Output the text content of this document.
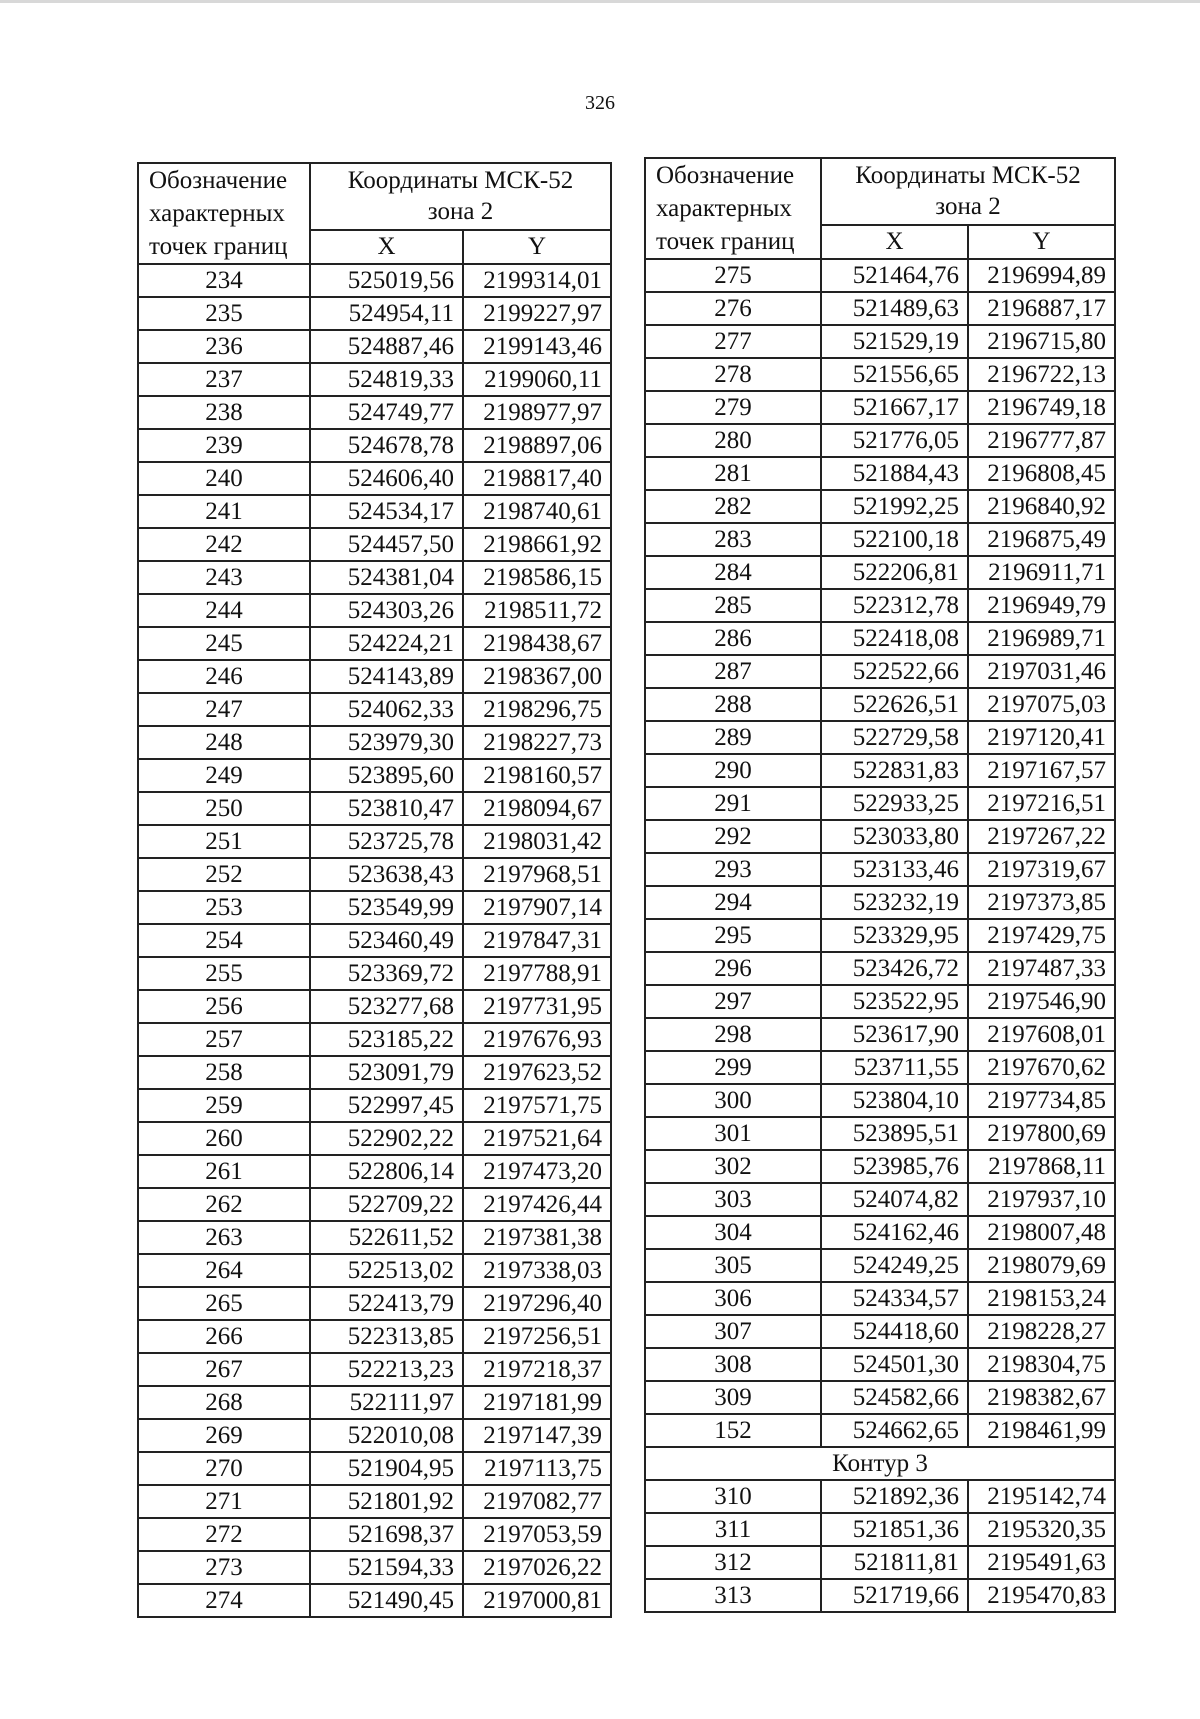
326
Обозначение
характерных
точек границ	Координаты МСК-52
зона 2	
	X	Y
234	525019,56	2199314,01
235	524954,11	2199227,97
236	524887,46	2199143,46
237	524819,33	2199060,11
238	524749,77	2198977,97
239	524678,78	2198897,06
240	524606,40	2198817,40
241	524534,17	2198740,61
242	524457,50	2198661,92
243	524381,04	2198586,15
244	524303,26	2198511,72
245	524224,21	2198438,67
246	524143,89	2198367,00
247	524062,33	2198296,75
248	523979,30	2198227,73
249	523895,60	2198160,57
250	523810,47	2198094,67
251	523725,78	2198031,42
252	523638,43	2197968,51
253	523549,99	2197907,14
254	523460,49	2197847,31
255	523369,72	2197788,91
256	523277,68	2197731,95
257	523185,22	2197676,93
258	523091,79	2197623,52
259	522997,45	2197571,75
260	522902,22	2197521,64
261	522806,14	2197473,20
262	522709,22	2197426,44
263	522611,52	2197381,38
264	522513,02	2197338,03
265	522413,79	2197296,40
266	522313,85	2197256,51
267	522213,23	2197218,37
268	522111,97	2197181,99
269	522010,08	2197147,39
270	521904,95	2197113,75
271	521801,92	2197082,77
272	521698,37	2197053,59
273	521594,33	2197026,22
274	521490,45	2197000,81
Обозначение
характерных
точек границ	Координаты МСК-52
зона 2	
	X	Y
275	521464,76	2196994,89
276	521489,63	2196887,17
277	521529,19	2196715,80
278	521556,65	2196722,13
279	521667,17	2196749,18
280	521776,05	2196777,87
281	521884,43	2196808,45
282	521992,25	2196840,92
283	522100,18	2196875,49
284	522206,81	2196911,71
285	522312,78	2196949,79
286	522418,08	2196989,71
287	522522,66	2197031,46
288	522626,51	2197075,03
289	522729,58	2197120,41
290	522831,83	2197167,57
291	522933,25	2197216,51
292	523033,80	2197267,22
293	523133,46	2197319,67
294	523232,19	2197373,85
295	523329,95	2197429,75
296	523426,72	2197487,33
297	523522,95	2197546,90
298	523617,90	2197608,01
299	523711,55	2197670,62
300	523804,10	2197734,85
301	523895,51	2197800,69
302	523985,76	2197868,11
303	524074,82	2197937,10
304	524162,46	2198007,48
305	524249,25	2198079,69
306	524334,57	2198153,24
307	524418,60	2198228,27
308	524501,30	2198304,75
309	524582,66	2198382,67
152	524662,65	2198461,99
Контур 3		
310	521892,36	2195142,74
311	521851,36	2195320,35
312	521811,81	2195491,63
313	521719,66	2195470,83
